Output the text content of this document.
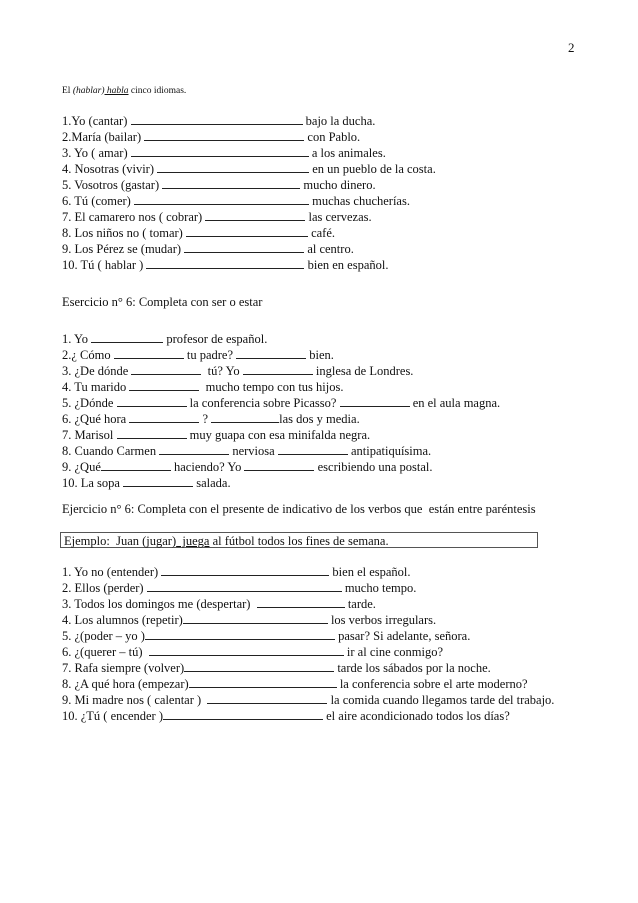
2
El (hablar) habla cinco idiomas.
1.Yo (cantar)	bajo la ducha.
2.María (bailar)	con Pablo.
3. Yo ( amar)	a los animales.
4. Nosotras (vivir)	en un pueblo de la costa.
5. Vosotros (gastar)	mucho dinero.
6. Tú (comer)	muchas chucherías.
7. El camarero nos ( cobrar)	las cervezas.
8. Los niños no ( tomar)	café.
9. Los Pérez se (mudar)	al centro.
10. Tú ( hablar )	bien en español.
Esercicio n° 6: Completa con ser o estar
1. Yo	profesor de español.
2.¿ Cómo	tu padre?	bien.
3. ¿De dónde	tú? Yo	inglesa de Londres.
4. Tu marido	mucho tempo con tus hijos.
5. ¿Dónde	la conferencia sobre Picasso?	en el aula magna.
6. ¿Qué hora	?	las dos y media.
7. Marisol	muy guapa con esa minifalda negra.
8. Cuando Carmen	nerviosa	antipatiquísima.
9. ¿Qué	haciendo? Yo	escribiendo una postal.
10. La sopa	salada.
Ejercicio n° 6: Completa con el presente de indicativo de los verbos que  están entre paréntesis
Ejemplo:  Juan (jugar)  juega al fútbol todos los fines de semana.
1. Yo no (entender)	bien el español.
2. Ellos (perder)	mucho tempo.
3. Todos los domingos me (despertar)	tarde.
4. Los alumnos (repetir)	los verbos irregulars.
5. ¿(poder – yo )	pasar? Si adelante, señora.
6. ¿(querer – tú)	ir al cine conmigo?
7. Rafa siempre (volver)	tarde los sábados por la noche.
8. ¿A qué hora (empezar)	la conferencia sobre el arte moderno?
9. Mi madre nos ( calentar )	la comida cuando llegamos tarde del trabajo.
10. ¿Tú ( encender )	el aire acondicionado todos los días?
